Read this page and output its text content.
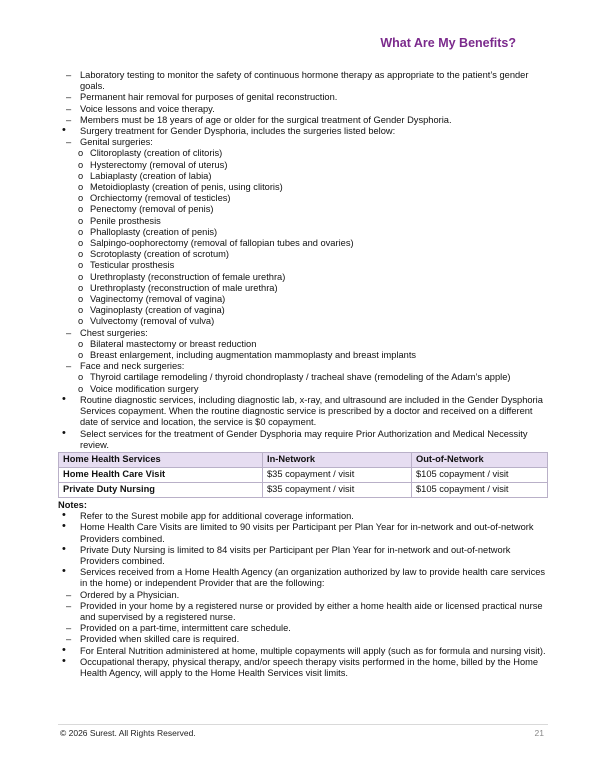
What Are My Benefits?
– Laboratory testing to monitor the safety of continuous hormone therapy as appropriate to the patient’s gender goals.
– Permanent hair removal for purposes of genital reconstruction.
– Voice lessons and voice therapy.
– Members must be 18 years of age or older for the surgical treatment of Gender Dysphoria.
• Surgery treatment for Gender Dysphoria, includes the surgeries listed below:
– Genital surgeries:
o Clitoroplasty (creation of clitoris)
o Hysterectomy (removal of uterus)
o Labiaplasty (creation of labia)
o Metoidioplasty (creation of penis, using clitoris)
o Orchiectomy (removal of testicles)
o Penectomy (removal of penis)
o Penile prosthesis
o Phalloplasty (creation of penis)
o Salpingo-oophorectomy (removal of fallopian tubes and ovaries)
o Scrotoplasty (creation of scrotum)
o Testicular prosthesis
o Urethroplasty (reconstruction of female urethra)
o Urethroplasty (reconstruction of male urethra)
o Vaginectomy (removal of vagina)
o Vaginoplasty (creation of vagina)
o Vulvectomy (removal of vulva)
– Chest surgeries:
o Bilateral mastectomy or breast reduction
o Breast enlargement, including augmentation mammoplasty and breast implants
– Face and neck surgeries:
o Thyroid cartilage remodeling / thyroid chondroplasty / tracheal shave (remodeling of the Adam’s apple)
o Voice modification surgery
• Routine diagnostic services, including diagnostic lab, x-ray, and ultrasound are included in the Gender Dysphoria Services copayment. When the routine diagnostic service is prescribed by a doctor and received on a different date of service and location, the service is $0 copayment.
• Select services for the treatment of Gender Dysphoria may require Prior Authorization and Medical Necessity review.
Home Health Services	In-Network	Out-of-Network
Home Health Care Visit	$35 copayment / visit	$105 copayment / visit
Private Duty Nursing	$35 copayment / visit	$105 copayment / visit
Notes:
• Refer to the Surest mobile app for additional coverage information.
• Home Health Care Visits are limited to 90 visits per Participant per Plan Year for in-network and out-of-network Providers combined.
• Private Duty Nursing is limited to 84 visits per Participant per Plan Year for in-network and out-of-network Providers combined.
• Services received from a Home Health Agency (an organization authorized by law to provide health care services in the home) or independent Provider that are the following:
– Ordered by a Physician.
– Provided in your home by a registered nurse or provided by either a home health aide or licensed practical nurse and supervised by a registered nurse.
– Provided on a part-time, intermittent care schedule.
– Provided when skilled care is required.
• For Enteral Nutrition administered at home, multiple copayments will apply (such as for formula and nursing visit).
• Occupational therapy, physical therapy, and/or speech therapy visits performed in the home, billed by the Home Health Agency, will apply to the Home Health Services visit limits.
© 2026 Surest. All Rights Reserved.	21
